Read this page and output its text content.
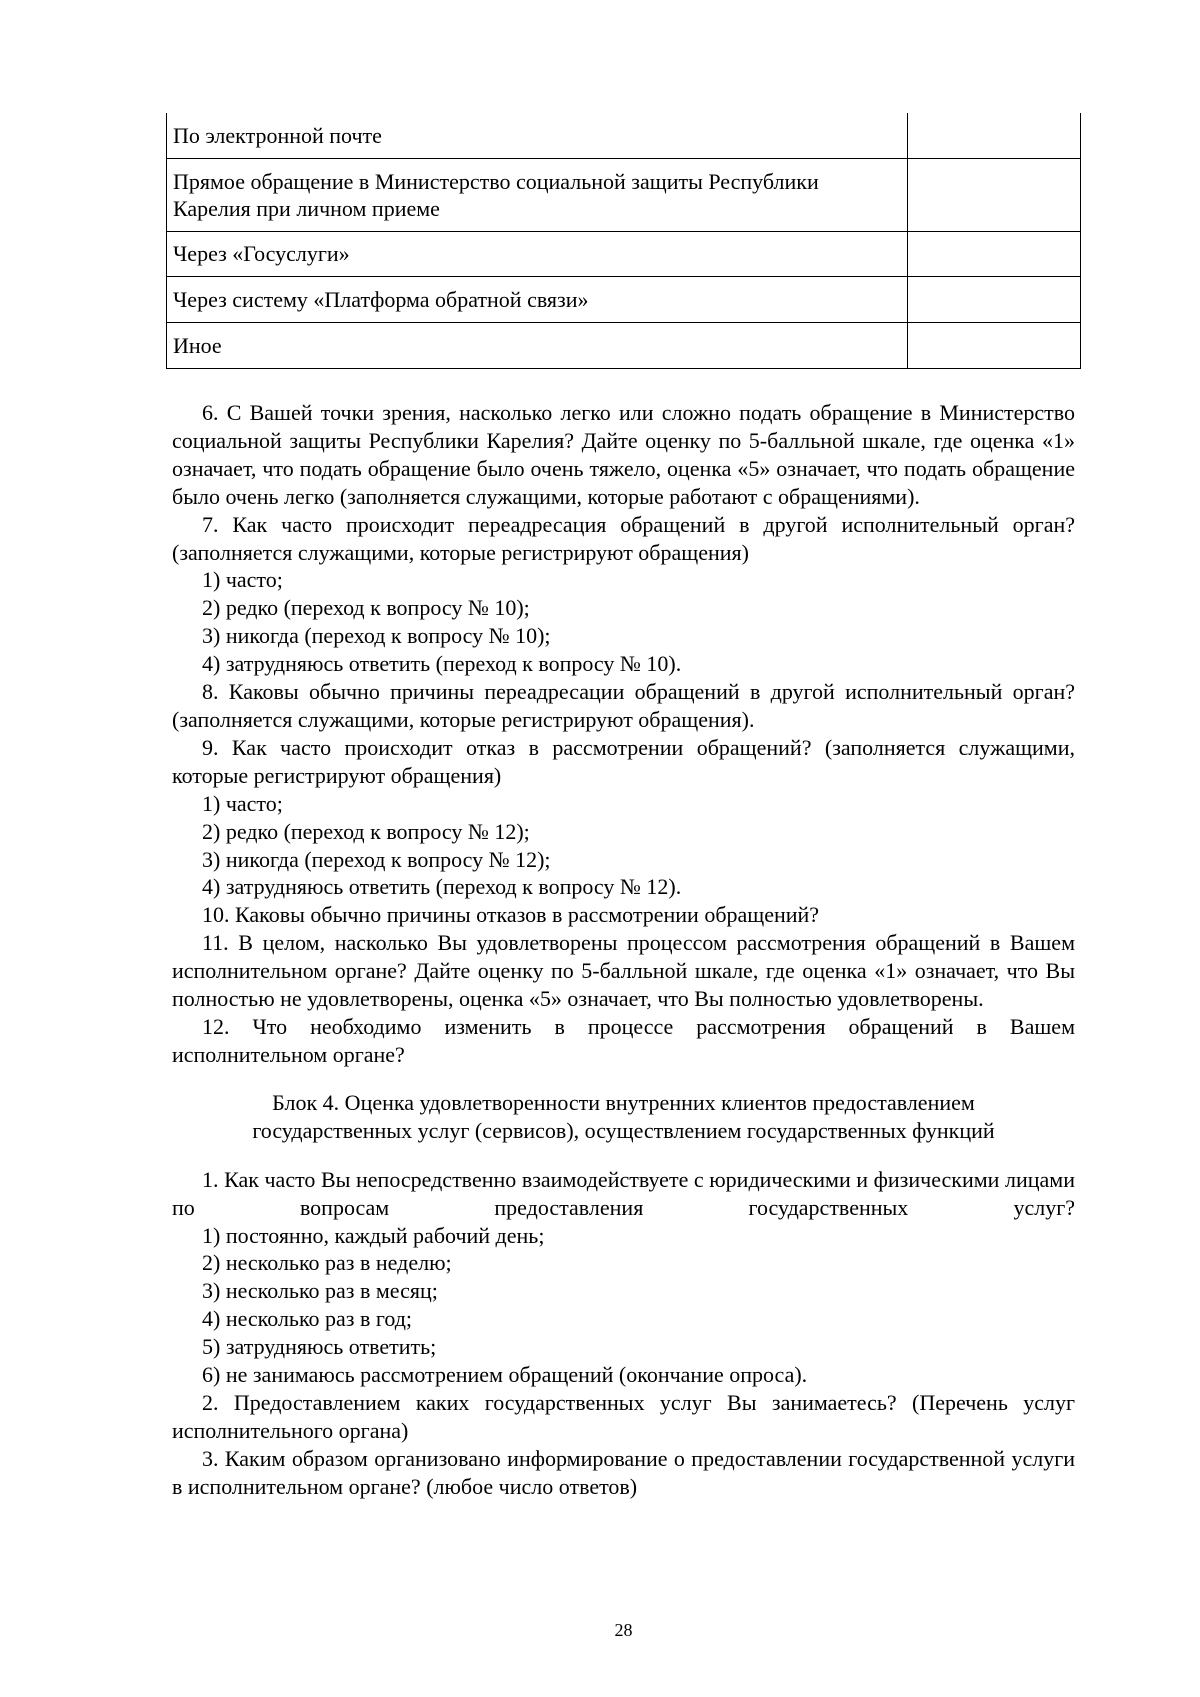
По электронной почте	
Прямое обращение в Министерство социальной защиты Республики Карелия при личном приеме	
Через «Госуслуги»	
Через систему «Платформа обратной связи»	
Иное	
6. С Вашей точки зрения, насколько легко или сложно подать обращение в Министерство социальной защиты Республики Карелия? Дайте оценку по 5-балльной шкале, где оценка «1» означает, что подать обращение было очень тяжело, оценка «5» означает, что подать обращение было очень легко (заполняется служащими, которые работают с обращениями).
7. Как часто происходит переадресация обращений в другой исполнительный орган? (заполняется служащими, которые регистрируют обращения)
1) часто;
2) редко (переход к вопросу № 10);
3) никогда (переход к вопросу № 10);
4) затрудняюсь ответить (переход к вопросу № 10).
8. Каковы обычно причины переадресации обращений в другой исполнительный орган? (заполняется служащими, которые регистрируют обращения).
9. Как часто происходит отказ в рассмотрении обращений? (заполняется служащими, которые регистрируют обращения)
1) часто;
2) редко (переход к вопросу № 12);
3) никогда (переход к вопросу № 12);
4) затрудняюсь ответить (переход к вопросу № 12).
10. Каковы обычно причины отказов в рассмотрении обращений?
11. В целом, насколько Вы удовлетворены процессом рассмотрения обращений в Вашем исполнительном органе? Дайте оценку по 5-балльной шкале, где оценка «1» означает, что Вы полностью не удовлетворены, оценка «5» означает, что Вы полностью удовлетворены.
12. Что необходимо изменить в процессе рассмотрения обращений в Вашем исполнительном органе?
Блок 4. Оценка удовлетворенности внутренних клиентов предоставлением
государственных услуг (сервисов), осуществлением государственных функций
1. Как часто Вы непосредственно взаимодействуете с юридическими и физическими лицами по вопросам предоставления государственных услуг?
1) постоянно, каждый рабочий день;
2) несколько раз в неделю;
3) несколько раз в месяц;
4) несколько раз в год;
5) затрудняюсь ответить;
6) не занимаюсь рассмотрением обращений (окончание опроса).
2. Предоставлением каких государственных услуг Вы занимаетесь? (Перечень услуг исполнительного органа)
3. Каким образом организовано информирование о предоставлении государственной услуги в исполнительном органе? (любое число ответов)
28
